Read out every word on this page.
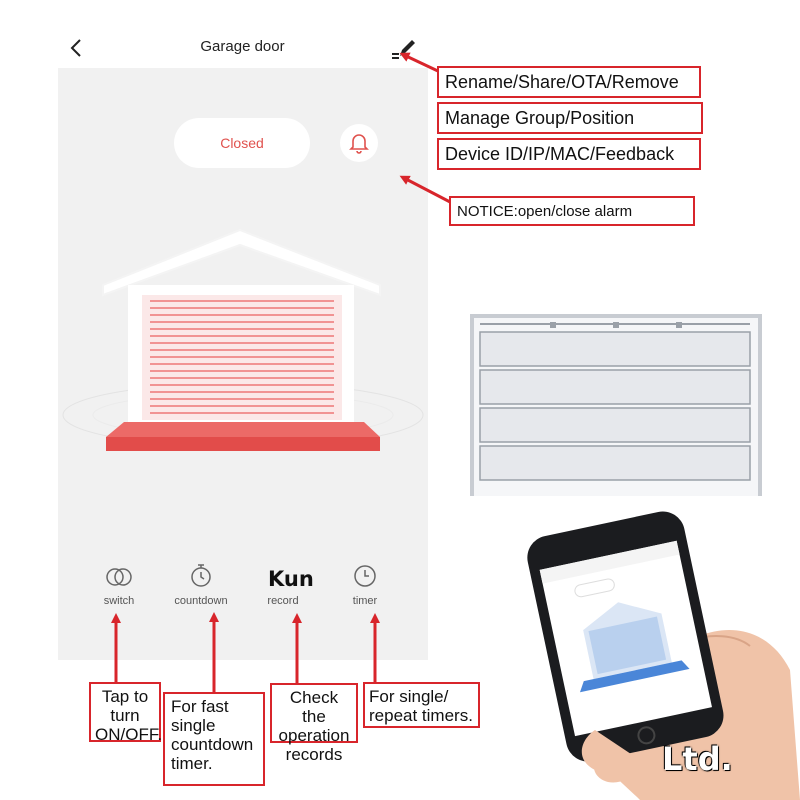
Garage door
Closed
switch	countdown	record	timer
Kun
Rename/Share/OTA/Remove
Manage Group/Position
Device ID/IP/MAC/Feedback
NOTICE:open/close alarm
Tap to turn ON/OFF.
For fast single countdown timer.
Check the operation records
For single/ repeat timers.
Ltd.
